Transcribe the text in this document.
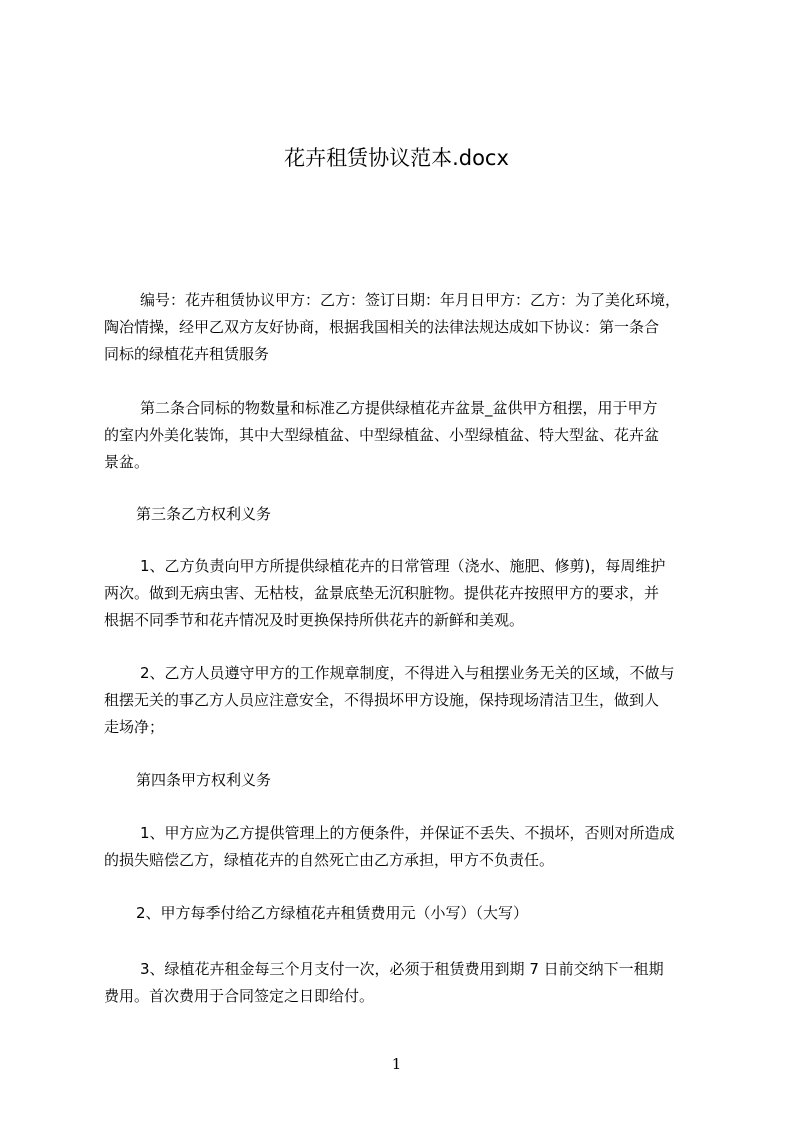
花卉租赁协议范本.docx
编号：花卉租赁协议甲方：乙方：签订日期：年月日甲方：乙方：为了美化环境，
陶冶情操，经甲乙双方友好协商，根据我国相关的法律法规达成如下协议：第一条合
同标的绿植花卉租赁服务
第二条合同标的物数量和标准乙方提供绿植花卉盆景_盆供甲方租摆，用于甲方
的室内外美化装饰，其中大型绿植盆、中型绿植盆、小型绿植盆、特大型盆、花卉盆
景盆。
第三条乙方权利义务
1、乙方负责向甲方所提供绿植花卉的日常管理（浇水、施肥、修剪)，每周维护
两次。做到无病虫害、无枯枝，盆景底垫无沉积脏物。提供花卉按照甲方的要求，并
根据不同季节和花卉情况及时更换保持所供花卉的新鲜和美观。
2、乙方人员遵守甲方的工作规章制度，不得进入与租摆业务无关的区域，不做与
租摆无关的事乙方人员应注意安全，不得损坏甲方设施，保持现场清洁卫生，做到人
走场净；
第四条甲方权利义务
1、甲方应为乙方提供管理上的方便条件，并保证不丢失、不损坏，否则对所造成
的损失赔偿乙方，绿植花卉的自然死亡由乙方承担，甲方不负责任。
2、甲方每季付给乙方绿植花卉租赁费用元（小写）（大写）
3、绿植花卉租金每三个月支付一次，必须于租赁费用到期 7 日前交纳下一租期
费用。首次费用于合同签定之日即给付。
1
